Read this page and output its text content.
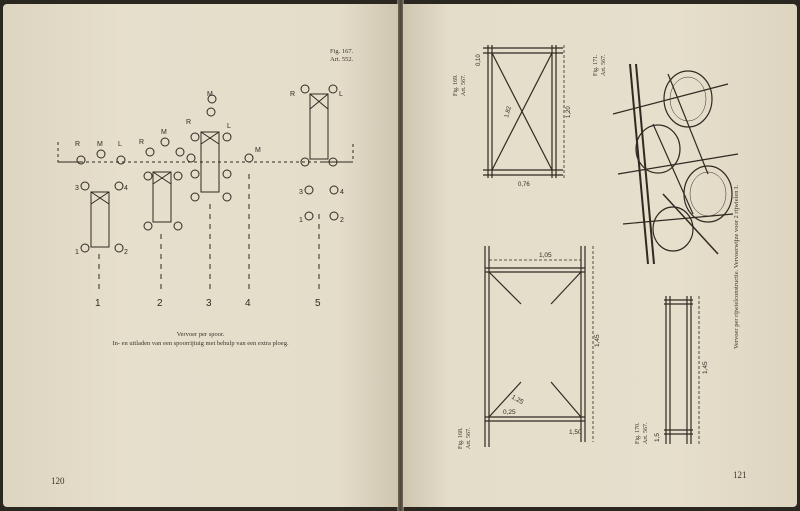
Fig. 167.
Art. 552.
R M L R
M
R
L
M
M
R	L
3	4
1	2
3	4
1	2
1	2	3	4	5
Vervoer per spoor.
In- en uitladen van een spoorrijtuig met behulp van een extra ploeg.
120
Fig. 169. Art. 567.
1,82	1,20
0,76
0,10	Fig. 171. Art. 567.
Fig. 168. Art. 567.
1,05
1,45
1,25
0,25
1,50	Fig. 170. Art. 567.
1,45
1,5
Vervoer per rijwielconstructie. Vervoerwijze voor 2 rijwielen I.
121
